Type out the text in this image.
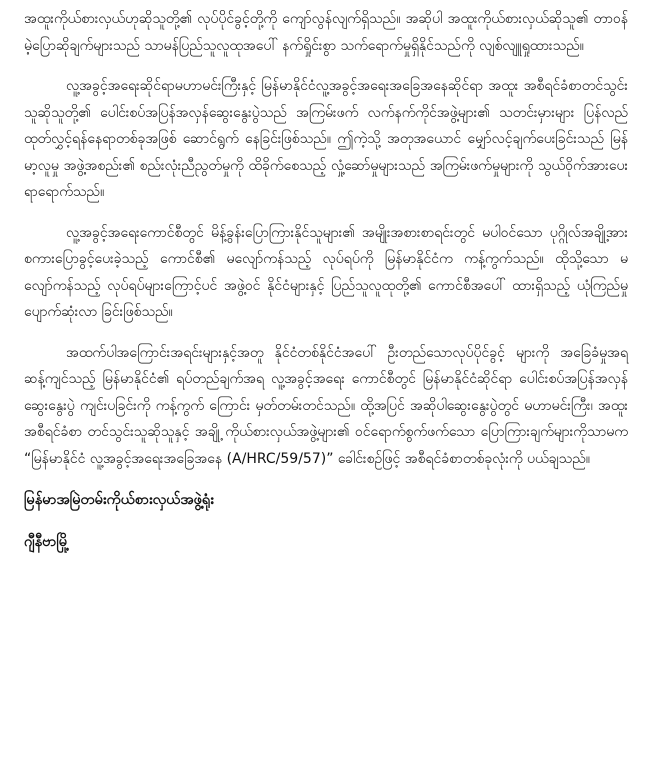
အထူးကိုယ်စားလှယ်ဟုဆိုသူတို့၏ လုပ်ပိုင်ခွင့်တို့ကို ကျော်လွန်လျက်ရှိသည်။ အဆိုပါ အထူးကိုယ်စားလှယ်ဆိုသူ၏ တာဝန်မဲ့ပြောဆိုချက်များသည် သာမန်ပြည်သူလူထုအပေါ် နက်ရှိုင်းစွာ သက်ရောက်မှုရှိနိုင်သည်ကို လျစ်လျူရှုထားသည်။

လူ့အခွင့်အရေးဆိုင်ရာမဟာမင်းကြီးနှင့် မြန်မာနိုင်ငံလူ့အခွင့်အရေးအခြေအနေဆိုင်ရာ အထူး အစီရင်ခံစာတင်သွင်းသူဆိုသူတို့၏ ပေါင်းစပ်အပြန်အလှန်ဆွေးနွေးပွဲသည် အကြမ်းဖက် လက်နက်ကိုင်အဖွဲ့များ၏ သတင်းမှားများ ပြန်လည်ထုတ်လွှင့်ရန်နေရာတစ်ခုအဖြစ် ဆောင်ရွက် နေခြင်းဖြစ်သည်။ ဤကဲ့သို့ အတုအယောင် မျှော်လင့်ချက်ပေးခြင်းသည် မြန်မာ့လူမှု အဖွဲ့အစည်း၏ စည်းလုံးညီညွတ်မှုကို ထိခိုက်စေသည့် လှုံ့ဆော်မှုများသည် အကြမ်းဖက်မှုများကို သွယ်ဝိုက်အားပေးရာရောက်သည်။

လူ့အခွင့်အရေးကောင်စီတွင် မိန့်ခွန်းပြောကြားနိုင်သူများ၏ အမျိုးအစားစာရင်းတွင် မပါဝင်သော ပုဂ္ဂိုလ်အချို့အား စကားပြောခွင့်ပေးခဲ့သည့် ကောင်စီ၏ မလျော်ကန်သည့် လုပ်ရပ်ကို မြန်မာနိုင်ငံက ကန့်ကွက်သည်။ ထိုသို့သော မလျော်ကန်သည့် လုပ်ရပ်များကြောင့်ပင် အဖွဲ့ဝင် နိုင်ငံများနှင့် ပြည်သူလူထုတို့၏ ကောင်စီအပေါ် ထားရှိသည့် ယုံကြည်မှု ပျောက်ဆုံးလာ ခြင်းဖြစ်သည်။

အထက်ပါအကြောင်းအရင်းများနှင့်အတူ နိုင်ငံတစ်နိုင်ငံအပေါ် ဦးတည်သောလုပ်ပိုင်ခွင့် များကို အခြေခံမှုအရ ဆန့်ကျင်သည့် မြန်မာနိုင်ငံ၏ ရပ်တည်ချက်အရ လူ့အခွင့်အရေး ကောင်စီတွင် မြန်မာနိုင်ငံဆိုင်ရာ ပေါင်းစပ်အပြန်အလှန်ဆွေးနွေးပွဲ ကျင်းပခြင်းကို ကန့်ကွက် ကြောင်း မှတ်တမ်းတင်သည်။ ထို့အပြင် အဆိုပါဆွေးနွေးပွဲတွင် မဟာမင်းကြီး၊ အထူး အစီရင်ခံစာ တင်သွင်းသူဆိုသူနှင့် အချို့ ကိုယ်စားလှယ်အဖွဲ့များ၏ ဝင်ရောက်စွက်ဖက်သော ပြောကြားချက်များကိုသာမက “မြန်မာနိုင်ငံ လူ့အခွင့်အရေးအခြေအနေ (A/HRC/59/57)” ခေါင်းစဉ်ဖြင့် အစီရင်ခံစာတစ်ခုလုံးကို ပယ်ချသည်။

မြန်မာအမြဲတမ်းကိုယ်စားလှယ်အဖွဲ့ရုံး
ဂျီနီဗာမြို့
